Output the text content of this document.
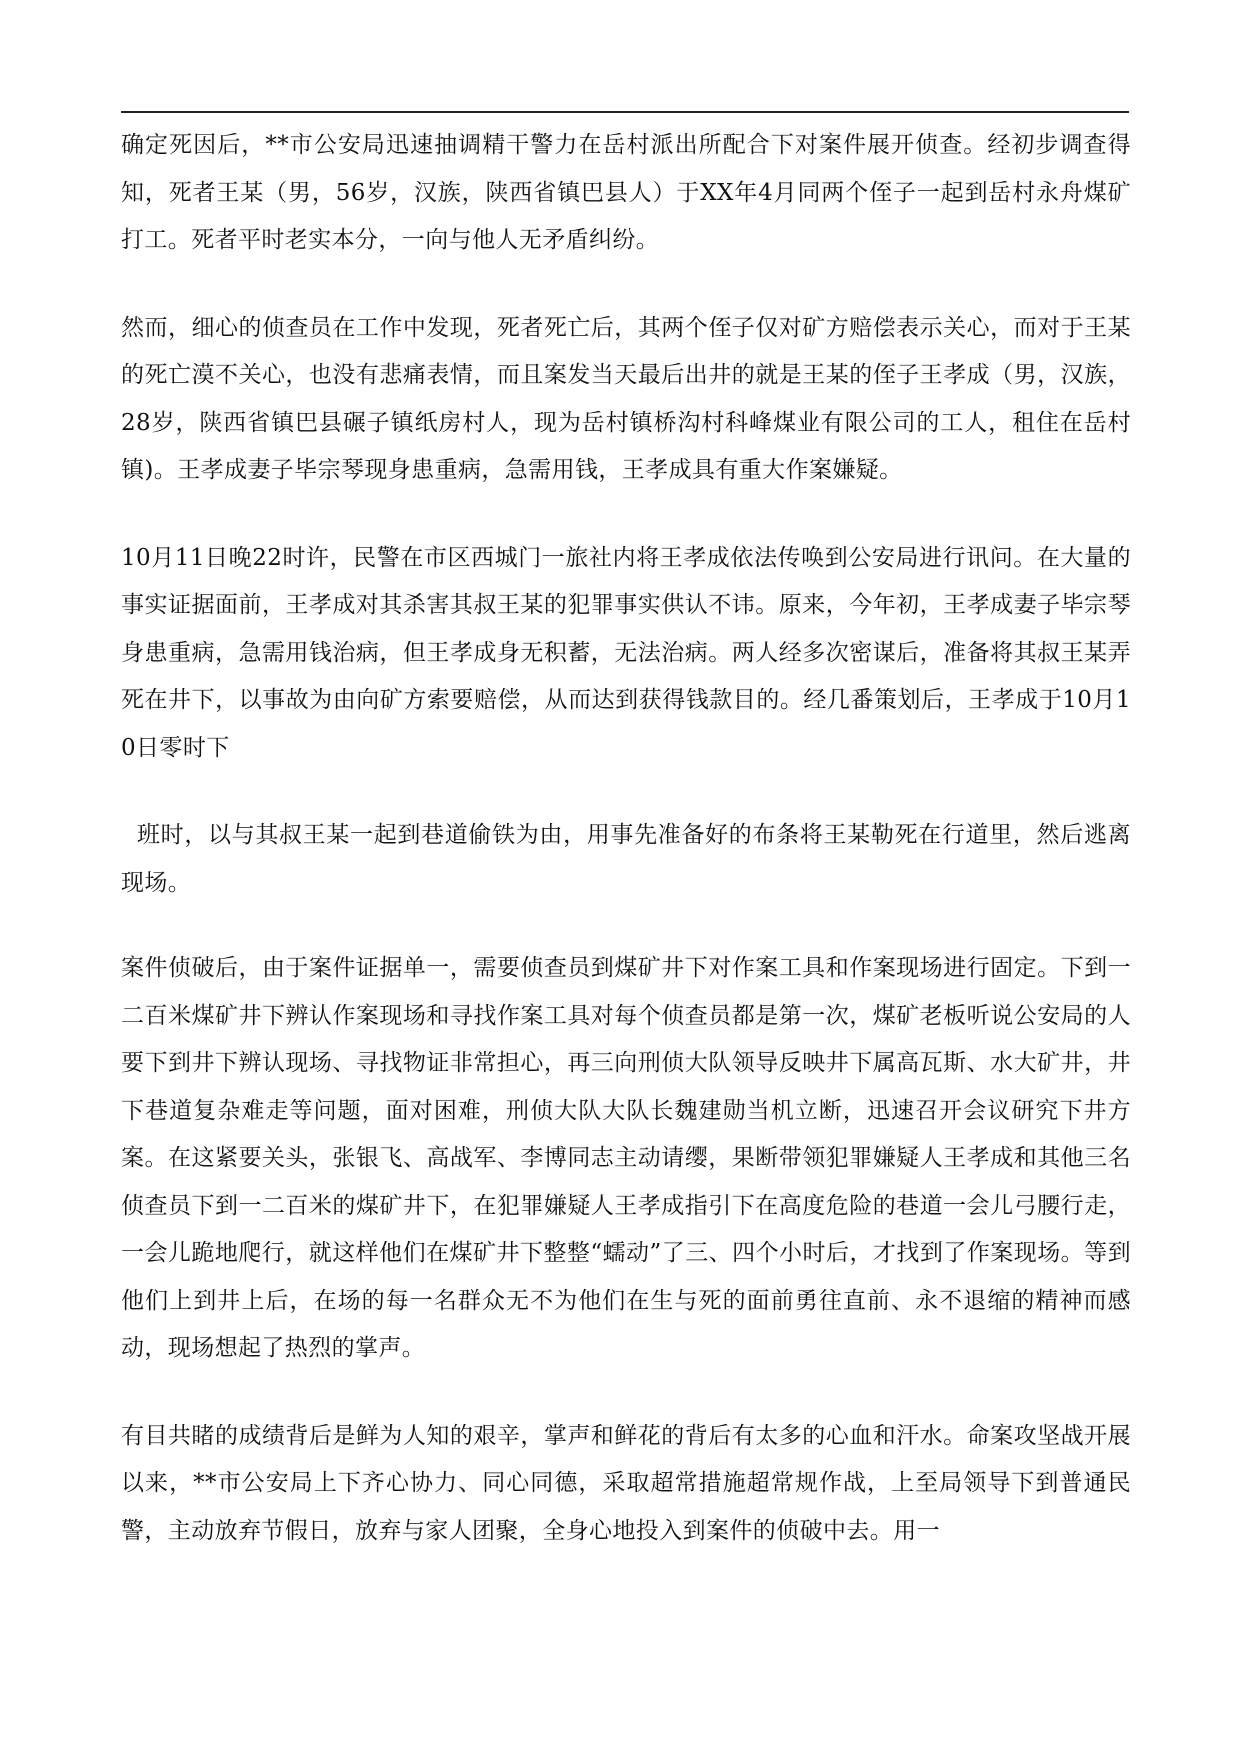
确定死因后，**市公安局迅速抽调精干警力在岳村派出所配合下对案件展开侦查。经初步调查得知，死者王某（男，56岁，汉族，陕西省镇巴县人）于XX年4月同两个侄子一起到岳村永舟煤矿打工。死者平时老实本分，一向与他人无矛盾纠纷。

然而，细心的侦查员在工作中发现，死者死亡后，其两个侄子仅对矿方赔偿表示关心，而对于王某的死亡漠不关心，也没有悲痛表情，而且案发当天最后出井的就是王某的侄子王孝成（男，汉族，28岁，陕西省镇巴县碾子镇纸房村人，现为岳村镇桥沟村科峰煤业有限公司的工人，租住在岳村镇)。王孝成妻子毕宗琴现身患重病，急需用钱，王孝成具有重大作案嫌疑。

10月11日晚22时许，民警在市区西城门一旅社内将王孝成依法传唤到公安局进行讯问。在大量的事实证据面前，王孝成对其杀害其叔王某的犯罪事实供认不讳。原来，今年初，王孝成妻子毕宗琴身患重病，急需用钱治病，但王孝成身无积蓄，无法治病。两人经多次密谋后，准备将其叔王某弄死在井下，以事故为由向矿方索要赔偿，从而达到获得钱款目的。经几番策划后，王孝成于10月10日零时下

班时，以与其叔王某一起到巷道偷铁为由，用事先准备好的布条将王某勒死在行道里，然后逃离现场。

案件侦破后，由于案件证据单一，需要侦查员到煤矿井下对作案工具和作案现场进行固定。下到一二百米煤矿井下辨认作案现场和寻找作案工具对每个侦查员都是第一次，煤矿老板听说公安局的人要下到井下辨认现场、寻找物证非常担心，再三向刑侦大队领导反映井下属高瓦斯、水大矿井，井下巷道复杂难走等问题，面对困难，刑侦大队大队长魏建勋当机立断，迅速召开会议研究下井方案。在这紧要关头，张银飞、高战军、李博同志主动请缨，果断带领犯罪嫌疑人王孝成和其他三名侦查员下到一二百米的煤矿井下，在犯罪嫌疑人王孝成指引下在高度危险的巷道一会儿弓腰行走，一会儿跪地爬行，就这样他们在煤矿井下整整“蠕动”了三、四个小时后，才找到了作案现场。等到他们上到井上后，在场的每一名群众无不为他们在生与死的面前勇往直前、永不退缩的精神而感动，现场想起了热烈的掌声。

有目共睹的成绩背后是鲜为人知的艰辛，掌声和鲜花的背后有太多的心血和汗水。命案攻坚战开展以来，**市公安局上下齐心协力、同心同德，采取超常措施超常规作战，上至局领导下到普通民警，主动放弃节假日，放弃与家人团聚，全身心地投入到案件的侦破中去。用一
